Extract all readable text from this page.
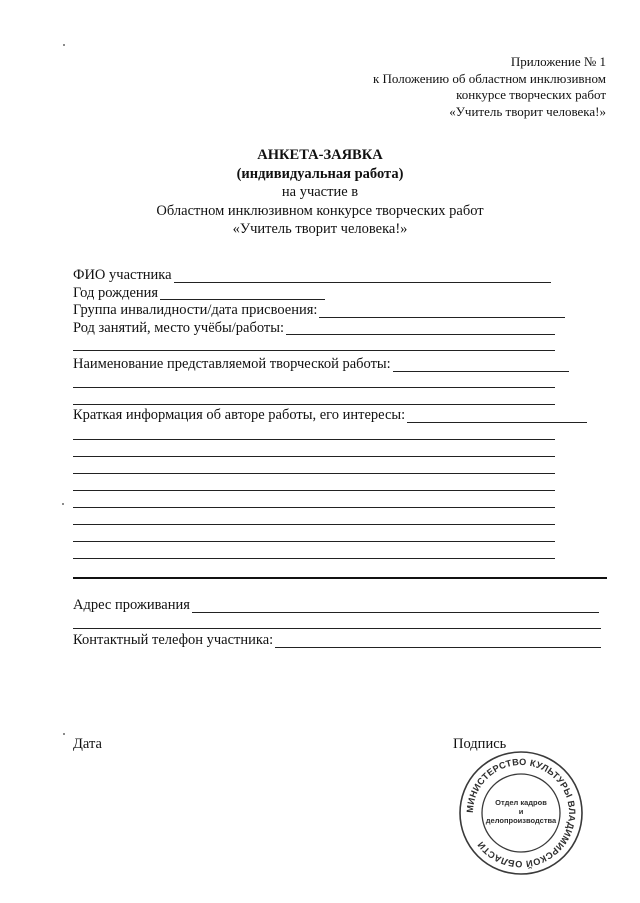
Приложение № 1
к Положению об областном инклюзивном
конкурсе творческих работ
«Учитель творит человека!»
АНКЕТА-ЗАЯВКА
(индивидуальная работа)
на участие в
Областном инклюзивном конкурсе творческих работ
«Учитель творит человека!»
ФИО участника
Год рождения
Группа инвалидности/дата присвоения:
Род занятий, место учёбы/работы:
Наименование представляемой творческой работы:
Краткая информация об авторе работы, его интересы:
Адрес проживания
Контактный телефон участника:
Дата	Подпись
МИНИСТЕРСТВО КУЛЬТУРЫ ВЛАДИМИРСКОЙ ОБЛАСТИ
Отдел кадров
и
делопроизводства
